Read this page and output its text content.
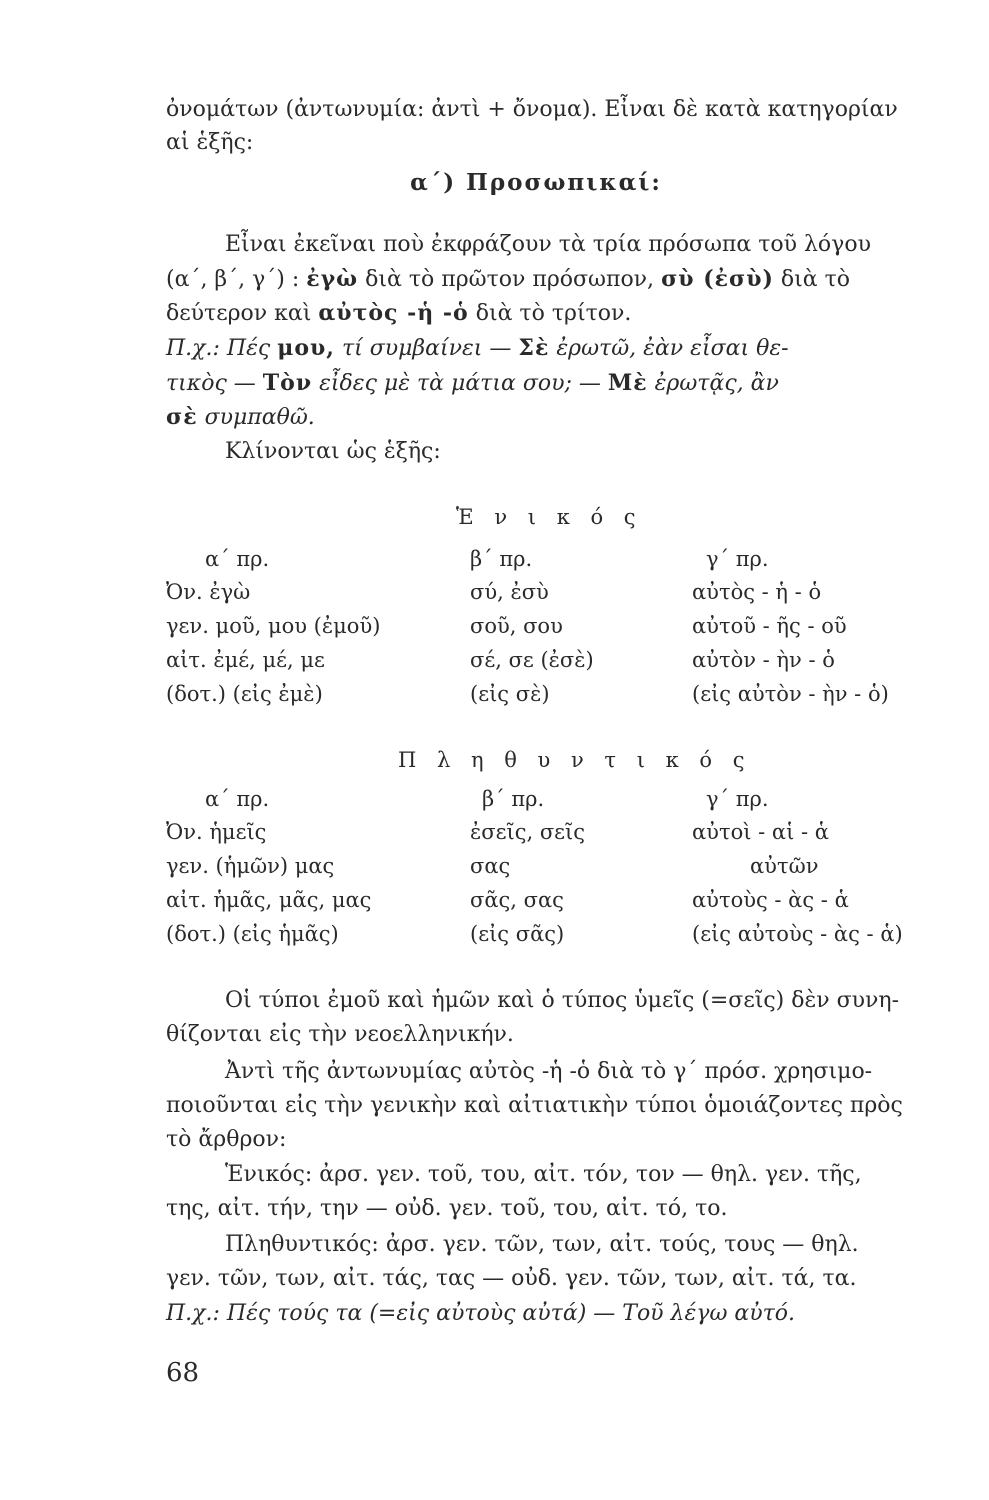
ὀνομάτων (ἀντωνυμία: ἀντὶ + ὄνομα). Εἶναι δὲ κατὰ κατηγορίαν
αἱ ἑξῆς:
α΄) Προσωπικαί:
Εἶναι ἐκεῖναι ποὺ ἐκφράζουν τὰ τρία πρόσωπα τοῦ λόγου
(α΄, β΄, γ΄) : ἐγὼ διὰ τὸ πρῶτον πρόσωπον, σὺ (ἐσὺ) διὰ τὸ
δεύτερον καὶ αὐτὸς -ἡ -ὁ διὰ τὸ τρίτον.
Π.χ.: Πές μου, τί συμβαίνει — Σὲ ἐρωτῶ, ἐὰν εἶσαι θε-
τικὸς — Τὸν εἶδες μὲ τὰ μάτια σου; — Μὲ ἐρωτᾷς, ἂν
σὲ συμπαθῶ.
Κλίνονται ὡς ἑξῆς:
Ἑ ν ι κ ό ς
α΄ πρ.	β΄ πρ.	γ΄ πρ.
Ὀν. ἐγὼ	σύ, ἐσὺ	αὐτὸς - ἡ - ὁ
γεν. μοῦ, μου (ἐμοῦ)	σοῦ, σου	αὐτοῦ - ῆς - οῦ
αἰτ. ἐμέ, μέ, με	σέ, σε (ἐσὲ)	αὐτὸν - ὴν - ὁ
(δοτ.) (εἰς ἐμὲ)	(εἰς σὲ)	(εἰς αὐτὸν - ὴν - ὁ)
Π λ η θ υ ν τ ι κ ό ς
α΄ πρ.	β΄ πρ.	γ΄ πρ.
Ὀν. ἡμεῖς	ἐσεῖς, σεῖς	αὐτοὶ - αἱ - ἁ
γεν. (ἡμῶν) μας	σας	αὐτῶν
αἰτ. ἡμᾶς, μᾶς, μας	σᾶς, σας	αὐτοὺς - ὰς - ἁ
(δοτ.) (εἰς ἡμᾶς)	(εἰς σᾶς)	(εἰς αὐτοὺς - ὰς - ἁ)
Οἱ τύποι ἐμοῦ καὶ ἡμῶν καὶ ὁ τύπος ὑμεῖς (=σεῖς) δὲν συνη-
θίζονται εἰς τὴν νεοελληνικήν.
Ἀντὶ τῆς ἀντωνυμίας αὐτὸς -ἡ -ὁ διὰ τὸ γ΄ πρόσ. χρησιμο-
ποιοῦνται εἰς τὴν γενικὴν καὶ αἰτιατικὴν τύποι ὁμοιάζοντες πρὸς
τὸ ἄρθρον:
Ἑνικός: ἀρσ. γεν. τοῦ, του, αἰτ. τόν, τον — θηλ. γεν. τῆς,
της, αἰτ. τήν, την — οὐδ. γεν. τοῦ, του, αἰτ. τό, το.
Πληθυντικός: ἀρσ. γεν. τῶν, των, αἰτ. τούς, τους — θηλ.
γεν. τῶν, των, αἰτ. τάς, τας — οὐδ. γεν. τῶν, των, αἰτ. τά, τα.
Π.χ.: Πές τούς τα (=εἰς αὐτοὺς αὐτά) — Τοῦ λέγω αὐτό.
68
